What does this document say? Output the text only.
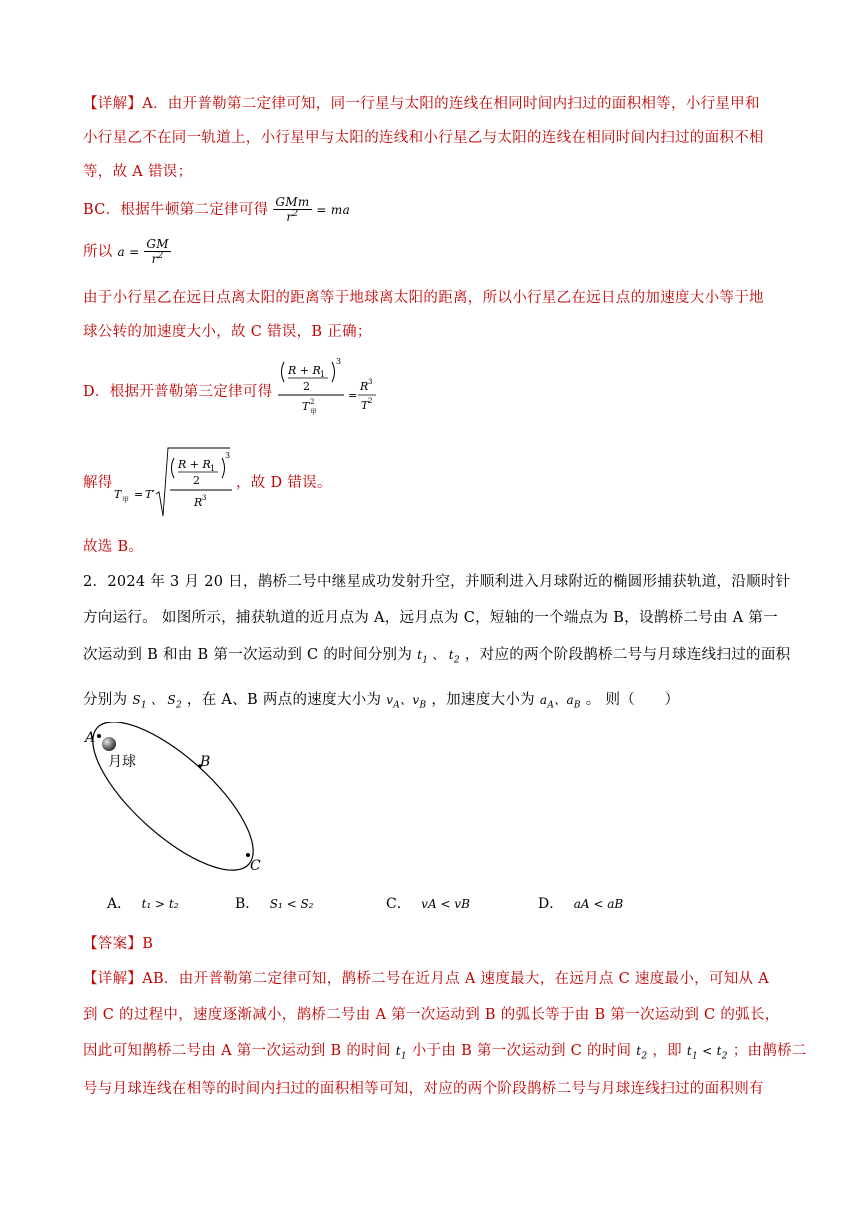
【详解】A．由开普勒第二定律可知，同一行星与太阳的连线在相同时间内扫过的面积相等，小行星甲和
小行星乙不在同一轨道上，小行星甲与太阳的连线和小行星乙与太阳的连线在相同时间内扫过的面积不相
等，故 A 错误；
BC．根据牛顿第二定律可得 $\frac{\text{GMm}}{r^2}$ = ma
所以 $a = \frac{GM}{r^2}$
由于小行星乙在远日点离太阳的距离等于地球离太阳的距离，所以小行星乙在远日点的加速度大小等于地
球公转的加速度大小，故 C 错误，B 正确；
D．根据开普勒第三定律可得
R + R 1
2
3
T 甲
2	=
R 3
T 2
解得
T 甲 = T′
R + R 1
2
3
R 3
，故 D 错误。
故选 B。
2．2024 年 3 月 20 日，鹊桥二号中继星成功发射升空，并顺利进入月球附近的椭圆形捕获轨道，沿顺时针
方向运行。 如图所示，捕获轨道的近月点为 A，远月点为 C，短轴的一个端点为 B，设鹊桥二号由 A 第一
次运动到 B 和由 B 第一次运动到 C 的时间分别为 $t_1$ 、 $t_2$ ，对应的两个阶段鹊桥二号与月球连线扫过的面积
分别为 $S_1$ 、 $S_2$ ，在 A、B 两点的速度大小为 $v_A$、$v_B$ ，加速度大小为 $a_A$、$a_B$ 。 则（　　）
A
B
C
月球
A． t₁ > t₂	B． S₁ < S₂	C． vA < vB	D． aA < aB
【答案】B
【详解】AB．由开普勒第二定律可知，鹊桥二号在近月点 A 速度最大，在远月点 C 速度最小，可知从 A
到 C 的过程中，速度逐渐减小，鹊桥二号由 A 第一次运动到 B 的弧长等于由 B 第一次运动到 C 的弧长，
因此可知鹊桥二号由 A 第一次运动到 B 的时间 $t_1$ 小于由 B 第一次运动到 C 的时间 $t_2$ ，即 $t_1 < t_2$ ；由鹊桥二
号与月球连线在相等的时间内扫过的面积相等可知，对应的两个阶段鹊桥二号与月球连线扫过的面积则有
